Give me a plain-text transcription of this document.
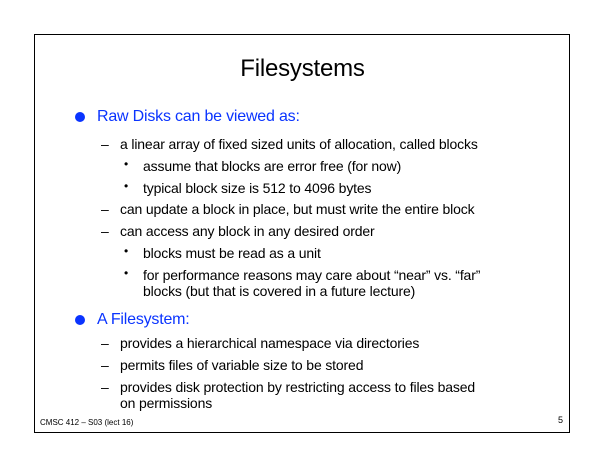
Filesystems
Raw Disks can be viewed as:
– a linear array of fixed sized units of allocation, called blocks
• assume that blocks are error free (for now)
• typical block size is 512 to 4096 bytes
– can update a block in place, but must write the entire block
– can access any block in any desired order
• blocks must be read as a unit
• for performance reasons may care about “near” vs. “far”
blocks (but that is covered in a future lecture)
A Filesystem:
– provides a hierarchical namespace via directories
– permits files of variable size to be stored
– provides disk protection by restricting access to files based
on permissions
CMSC 412 – S03 (lect 16)	5
